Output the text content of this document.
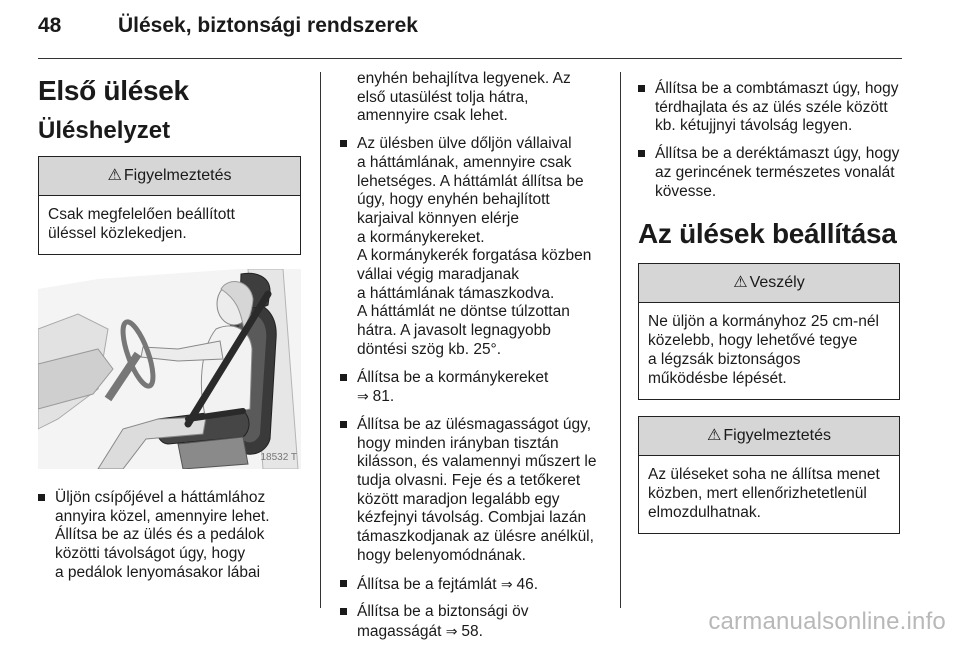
48	Ülések, biztonsági rendszerek
Első ülések
Üléshelyzet
⚠ Figyelmeztetés
Csak megfelelően beállított
üléssel közlekedjen.
18532 T
Üljön csípőjével a háttámlához
annyira közel, amennyire lehet.
Állítsa be az ülés és a pedálok
közötti távolságot úgy, hogy
a pedálok lenyomásakor lábai
enyhén behajlítva legyenek. Az
első utasülést tolja hátra,
amennyire csak lehet.
Az ülésben ülve dőljön vállaival
a háttámlának, amennyire csak
lehetséges. A háttámlát állítsa be
úgy, hogy enyhén behajlított
karjaival könnyen elérje
a kormánykereket.
A kormánykerék forgatása közben
vállai végig maradjanak
a háttámlának támaszkodva.
A háttámlát ne döntse túlzottan
hátra. A javasolt legnagyobb
döntési szög kb. 25°.
Állítsa be a kormánykereket
⇒ 81.
Állítsa be az ülésmagasságot úgy,
hogy minden irányban tisztán
kilásson, és valamennyi műszert le
tudja olvasni. Feje és a tetőkeret
között maradjon legalább egy
kézfejnyi távolság. Combjai lazán
támaszkodjanak az ülésre anélkül,
hogy belenyomódnának.
Állítsa be a fejtámlát ⇒ 46.
Állítsa be a biztonsági öv
magasságát ⇒ 58.
Állítsa be a combtámaszt úgy, hogy
térdhajlata és az ülés széle között
kb. kétujjnyi távolság legyen.
Állítsa be a deréktámaszt úgy, hogy
az gerincének természetes vonalát
kövesse.
Az ülések beállítása
⚠ Veszély
Ne üljön a kormányhoz 25 cm-nél
közelebb, hogy lehetővé tegye
a légzsák biztonságos
működésbe lépését.
⚠ Figyelmeztetés
Az üléseket soha ne állítsa menet
közben, mert ellenőrizhetetlenül
elmozdulhatnak.
carmanualsonline.info
